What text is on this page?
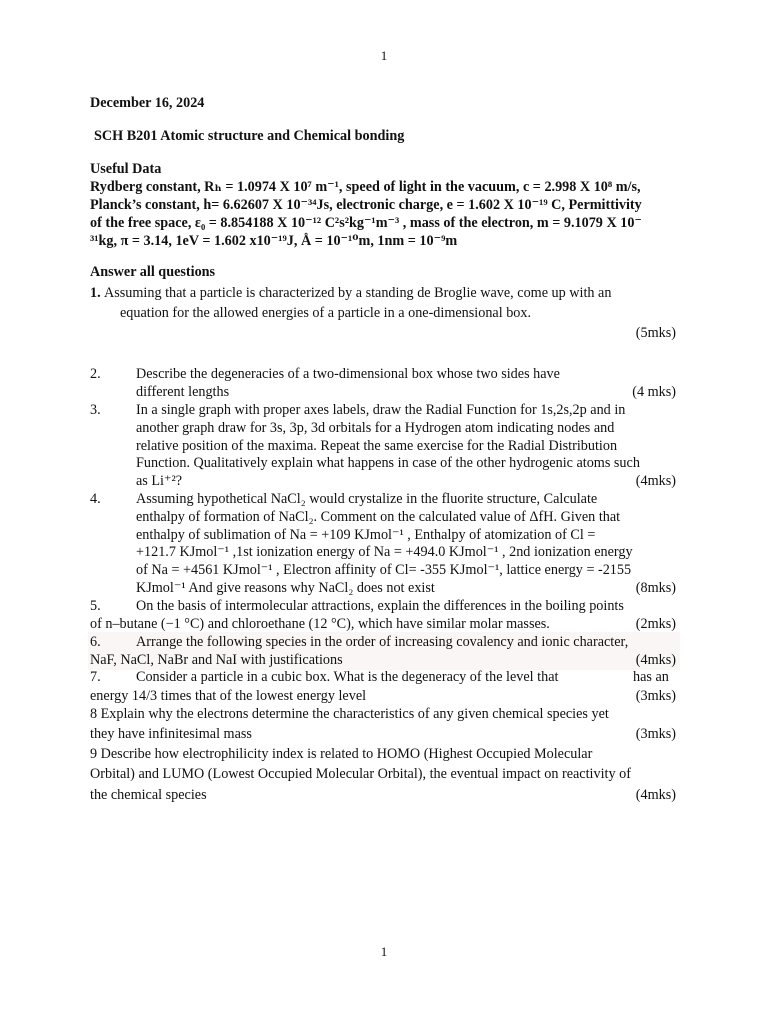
1
December 16, 2024
SCH B201 Atomic structure and Chemical bonding
Useful Data
Rydberg constant, Rₕ = 1.0974 X 10⁷ m⁻¹, speed of light in the vacuum, c = 2.998 X 10⁸ m/s,
Planck’s constant, h= 6.62607 X 10⁻³⁴Js, electronic charge, e = 1.602 X 10⁻¹⁹ C, Permittivity
of the free space, ε₀ = 8.854188 X 10⁻¹² C²s²kg⁻¹m⁻³ , mass of the electron, m = 9.1079 X 10⁻
³¹kg, π = 3.14, 1eV = 1.602 x10⁻¹⁹J, Å = 10⁻¹⁰m, 1nm = 10⁻⁹m
Answer all questions
1. Assuming that a particle is characterized by a standing de Broglie wave, come up with an
equation for the allowed energies of a particle in a one-dimensional box.
(5mks)
2. Describe the degeneracies of a two-dimensional box whose two sides have
different lengths	(4 mks)
3. In a single graph with proper axes labels, draw the Radial Function for 1s,2s,2p and in
another graph draw for 3s, 3p, 3d orbitals for a Hydrogen atom indicating nodes and
relative position of the maxima. Repeat the same exercise for the Radial Distribution
Function. Qualitatively explain what happens in case of the other hydrogenic atoms such
as Li⁺²?	(4mks)
4. Assuming hypothetical NaCl₂ would crystalize in the fluorite structure, Calculate
enthalpy of formation of NaCl₂. Comment on the calculated value of ΔfH. Given that
enthalpy of sublimation of Na = +109 KJmol⁻¹ , Enthalpy of atomization of Cl =
+121.7 KJmol⁻¹ ,1st ionization energy of Na = +494.0 KJmol⁻¹ , 2nd ionization energy
of Na = +4561 KJmol⁻¹ , Electron affinity of Cl= -355 KJmol⁻¹, lattice energy = -2155
KJmol⁻¹ And give reasons why NaCl₂ does not exist	(8mks)
5. On the basis of intermolecular attractions, explain the differences in the boiling points
of n–butane (−1 °C) and chloroethane (12 °C), which have similar molar masses.	(2mks)
6. Arrange the following species in the order of increasing covalency and ionic character,
NaF, NaCl, NaBr and NaI with justifications	(4mks)
7. Consider a particle in a cubic box. What is the degeneracy of the level that	has an
energy 14/3 times that of the lowest energy level	(3mks)
8 Explain why the electrons determine the characteristics of any given chemical species yet
they have infinitesimal mass	(3mks)
9 Describe how electrophilicity index is related to HOMO (Highest Occupied Molecular
Orbital) and LUMO (Lowest Occupied Molecular Orbital), the eventual impact on reactivity of
the chemical species	(4mks)
1
